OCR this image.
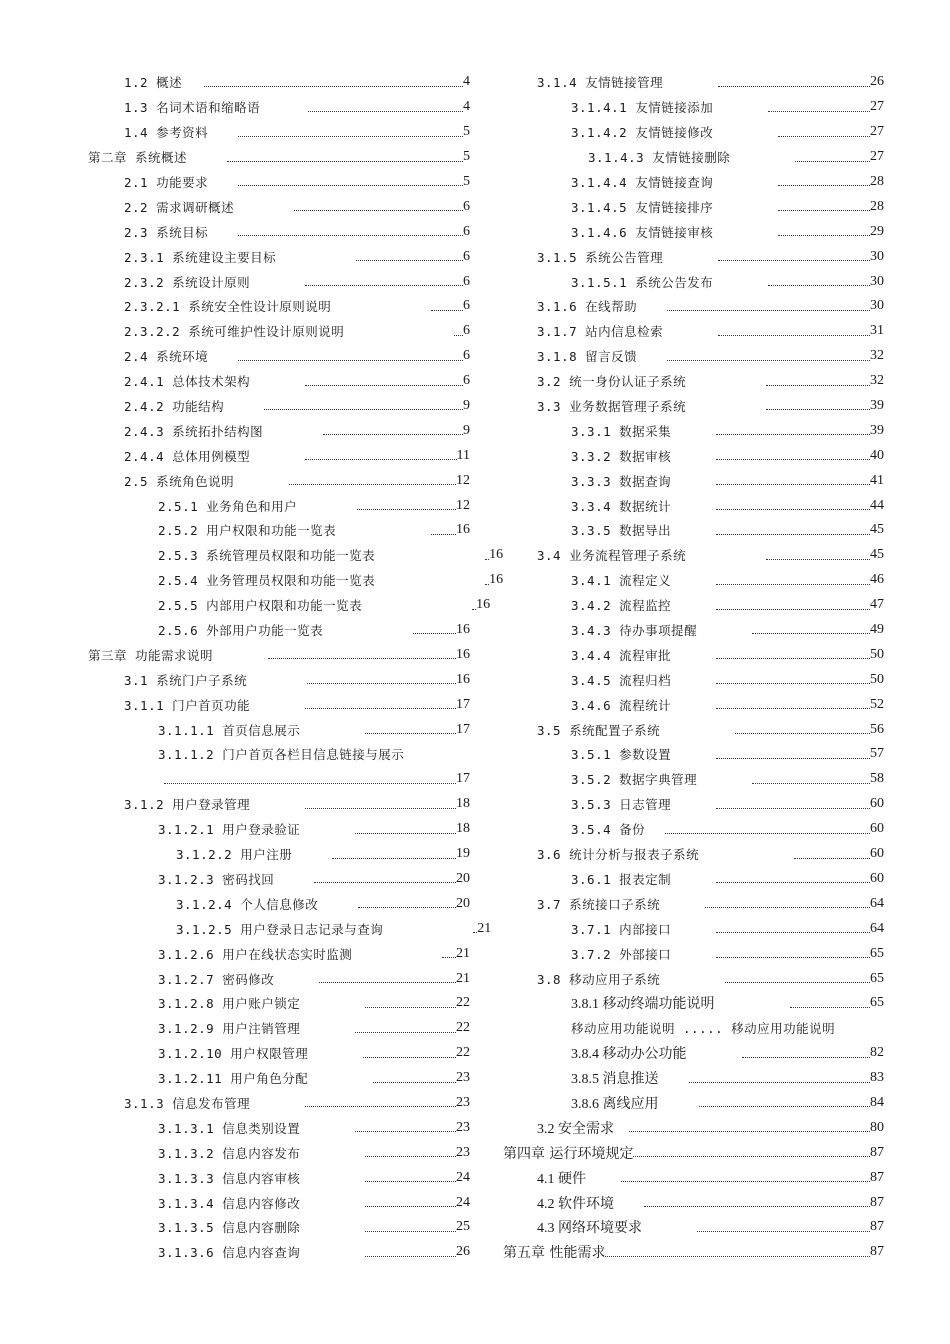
1.2 概述	4
1.3 名词术语和缩略语	4
1.4 参考资料	5
第二章 系统概述	5
2.1 功能要求	5
2.2 需求调研概述	6
2.3 系统目标	6
2.3.1 系统建设主要目标	6
2.3.2 系统设计原则	6
2.3.2.1 系统安全性设计原则说明	6
2.3.2.2 系统可维护性设计原则说明	6
2.4 系统环境	6
2.4.1 总体技术架构	6
2.4.2 功能结构	9
2.4.3 系统拓扑结构图	9
2.4.4 总体用例模型	11
2.5 系统角色说明	12
2.5.1 业务角色和用户	12
2.5.2 用户权限和功能一览表	16
2.5.3 系统管理员权限和功能一览表	16
2.5.4 业务管理员权限和功能一览表	16
2.5.5 内部用户权限和功能一览表	16
2.5.6 外部用户功能一览表	16
第三章 功能需求说明	16
3.1 系统门户子系统	16
3.1.1 门户首页功能	17
3.1.1.1 首页信息展示	17
3.1.1.2 门户首页各栏目信息链接与展示
17
3.1.2 用户登录管理	18
3.1.2.1 用户登录验证	18
3.1.2.2 用户注册	19
3.1.2.3 密码找回	20
3.1.2.4 个人信息修改	20
3.1.2.5 用户登录日志记录与查询	21
3.1.2.6 用户在线状态实时监测	21
3.1.2.7 密码修改	21
3.1.2.8 用户账户锁定	22
3.1.2.9 用户注销管理	22
3.1.2.10 用户权限管理	22
3.1.2.11 用户角色分配	23
3.1.3 信息发布管理	23
3.1.3.1 信息类别设置	23
3.1.3.2 信息内容发布	23
3.1.3.3 信息内容审核	24
3.1.3.4 信息内容修改	24
3.1.3.5 信息内容删除	25
3.1.3.6 信息内容查询	26
3.1.4 友情链接管理	26
3.1.4.1 友情链接添加	27
3.1.4.2 友情链接修改	27
3.1.4.3 友情链接删除	27
3.1.4.4 友情链接查询	28
3.1.4.5 友情链接排序	28
3.1.4.6 友情链接审核	29
3.1.5 系统公告管理	30
3.1.5.1 系统公告发布	30
3.1.6 在线帮助	30
3.1.7 站内信息检索	31
3.1.8 留言反馈	32
3.2 统一身份认证子系统	32
3.3 业务数据管理子系统	39
3.3.1 数据采集	39
3.3.2 数据审核	40
3.3.3 数据查询	41
3.3.4 数据统计	44
3.3.5 数据导出	45
3.4 业务流程管理子系统	45
3.4.1 流程定义	46
3.4.2 流程监控	47
3.4.3 待办事项提醒	49
3.4.4 流程审批	50
3.4.5 流程归档	50
3.4.6 流程统计	52
3.5 系统配置子系统	56
3.5.1 参数设置	57
3.5.2 数据字典管理	58
3.5.3 日志管理	60
3.5.4 备份	60
3.6 统计分析与报表子系统	60
3.6.1 报表定制	60
3.7 系统接口子系统	64
3.7.1 内部接口	64
3.7.2 外部接口	65
3.8 移动应用子系统	65
3.8.1 移动终端功能说明	65
移动应用功能说明 ..... 移动应用功能说明
3.8.4 移动办公功能	82
3.8.5 消息推送	83
3.8.6 离线应用	84
3.2 安全需求	80
第四章 运行环境规定	87
4.1 硬件	87
4.2 软件环境	87
4.3 网络环境要求	87
第五章 性能需求	87
